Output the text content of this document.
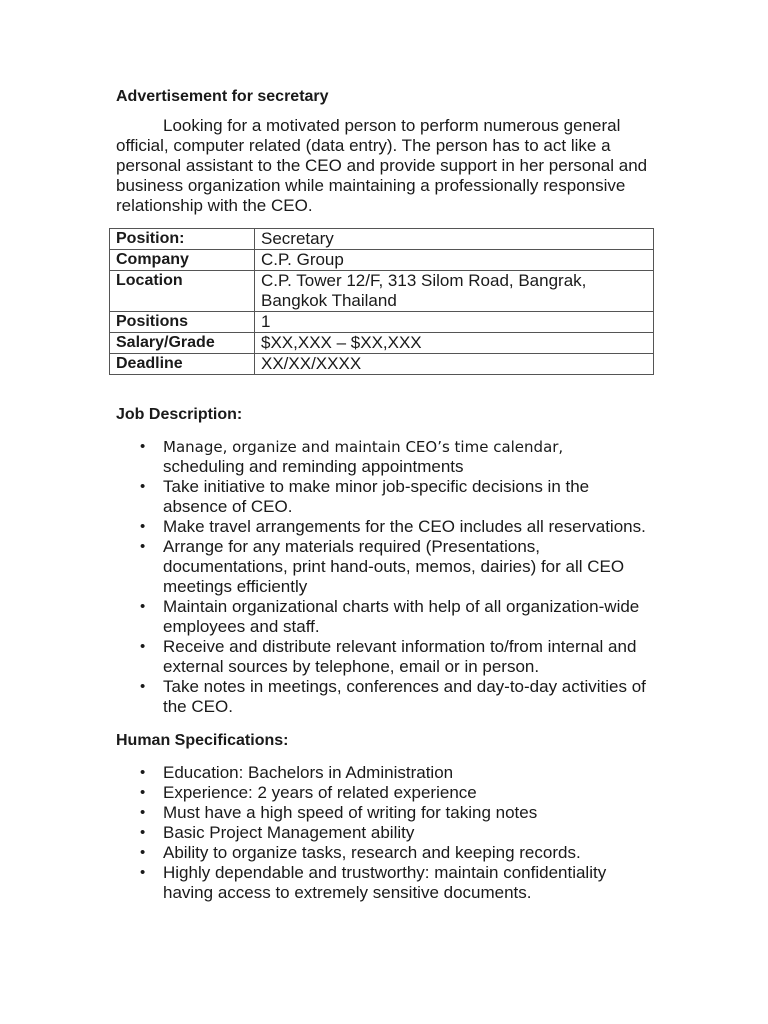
Advertisement for secretary

Looking for a motivated person to perform numerous general official, computer related (data entry). The person has to act like a personal assistant to the CEO and provide support in her personal and business organization while maintaining a professionally responsive relationship with the CEO.

Position:	Secretary
Company	C.P. Group
Location	C.P. Tower 12/F, 313 Silom Road, Bangrak, Bangkok Thailand
Positions	1
Salary/Grade	$XX,XXX – $XX,XXX
Deadline	XX/XX/XXXX
Job Description:
• Manage, organize and maintain CEO’s time calendar,
scheduling and reminding appointments
• Take initiative to make minor job-specific decisions in the absence of CEO.
• Make travel arrangements for the CEO includes all reservations.
• Arrange for any materials required (Presentations, documentations, print hand-outs, memos, dairies) for all CEO meetings efficiently
• Maintain organizational charts with help of all organization-wide employees and staff.
• Receive and distribute relevant information to/from internal and external sources by telephone, email or in person.
• Take notes in meetings, conferences and day-to-day activities of the CEO.
Human Specifications:
• Education: Bachelors in Administration
• Experience: 2 years of related experience
• Must have a high speed of writing for taking notes
• Basic Project Management ability
• Ability to organize tasks, research and keeping records.
• Highly dependable and trustworthy: maintain confidentiality having access to extremely sensitive documents.
